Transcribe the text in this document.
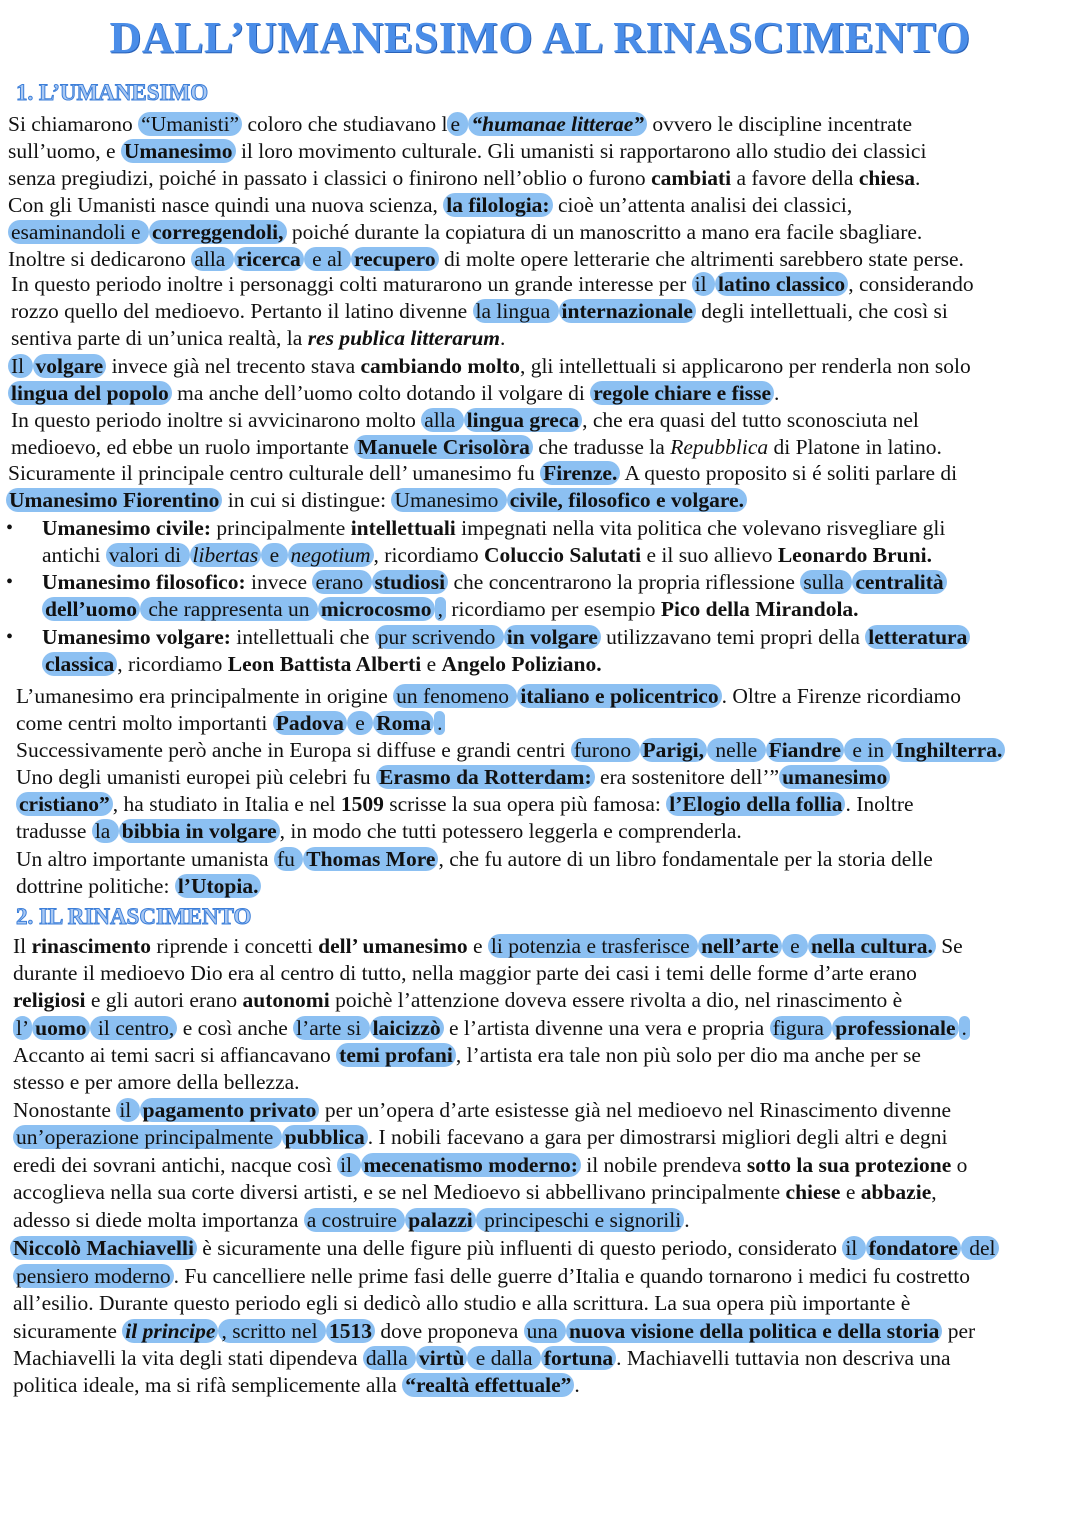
DALL’UMANESIMO AL RINASCIMENTO
1. L’UMANESIMO
2. IL RINASCIMENTO
Si chiamarono “Umanisti” coloro che studiavano l e “humanae litterae” ovvero le discipline incentrate
sull’uomo, e Umanesimo il loro movimento culturale. Gli umanisti si rapportarono allo studio dei classici
senza pregiudizi, poiché in passato i classici o finirono nell’oblio o furono cambiati a favore della chiesa.
Con gli Umanisti nasce quindi una nuova scienza, la filologia: cioè un’attenta analisi dei classici,
esaminandoli e correggendoli, poiché durante la copiatura di un manoscritto a mano era facile sbagliare.
Inoltre si dedicarono alla ricerca e al recupero di molte opere letterarie che altrimenti sarebbero state perse.
In questo periodo inoltre i personaggi colti maturarono un grande interesse per il latino classico , considerando
rozzo quello del medioevo. Pertanto il latino divenne la lingua internazionale degli intellettuali, che così si
sentiva parte di un’unica realtà, la res publica litterarum.
Il volgare invece già nel trecento stava cambiando molto, gli intellettuali si applicarono per renderla non solo
lingua del popolo ma anche dell’uomo colto dotando il volgare di regole chiare e fisse .
In questo periodo inoltre si avvicinarono molto alla lingua greca , che era quasi del tutto sconosciuta nel
medioevo, ed ebbe un ruolo importante Manuele Crisolòra che tradusse la Repubblica di Platone in latino.
Sicuramente il principale centro culturale dell’ umanesimo fu Firenze. A questo proposito si é soliti parlare di
Umanesimo Fiorentino in cui si distingue: Umanesimo civile, filosofico e volgare.
• Umanesimo civile: principalmente intellettuali impegnati nella vita politica che volevano risvegliare gli
antichi valori di libertas e negotium , ricordiamo Coluccio Salutati e il suo allievo Leonardo Bruni.
• Umanesimo filosofico: invece erano studiosi che concentrarono la propria riflessione sulla centralità
dell’uomo che rappresenta un microcosmo , ricordiamo per esempio Pico della Mirandola.
• Umanesimo volgare: intellettuali che pur scrivendo in volgare utilizzavano temi propri della letteratura
classica , ricordiamo Leon Battista Alberti e Angelo Poliziano.
L’umanesimo era principalmente in origine un fenomeno italiano e policentrico . Oltre a Firenze ricordiamo
come centri molto importanti Padova e Roma .
Successivamente però anche in Europa si diffuse e grandi centri furono Parigi, nelle Fiandre e in Inghilterra.
Uno degli umanisti europei più celebri fu Erasmo da Rotterdam: era sostenitore dell’” umanesimo
cristiano” , ha studiato in Italia e nel 1509 scrisse la sua opera più famosa: l’Elogio della follia . Inoltre
tradusse la bibbia in volgare , in modo che tutti potessero leggerla e comprenderla.
Un altro importante umanista fu Thomas More , che fu autore di un libro fondamentale per la storia delle
dottrine politiche: l’Utopia.
Il rinascimento riprende i concetti dell’ umanesimo e li potenzia e trasferisce nell’arte e nella cultura. Se
durante il medioevo Dio era al centro di tutto, nella maggior parte dei casi i temi delle forme d’arte erano
religiosi e gli autori erano autonomi poichè l’attenzione doveva essere rivolta a dio, nel rinascimento è
l’ uomo il centro, e così anche l’arte si laicizzò e l’artista divenne una vera e propria figura professionale .
Accanto ai temi sacri si affiancavano temi profani , l’artista era tale non più solo per dio ma anche per se
stesso e per amore della bellezza.
Nonostante il pagamento privato per un’opera d’arte esistesse già nel medioevo nel Rinascimento divenne
un’operazione principalmente pubblica . I nobili facevano a gara per dimostrarsi migliori degli altri e degni
eredi dei sovrani antichi, nacque così il mecenatismo moderno: il nobile prendeva sotto la sua protezione o
accoglieva nella sua corte diversi artisti, e se nel Medioevo si abbellivano principalmente chiese e abbazie,
adesso si diede molta importanza a costruire palazzi principeschi e signorili .
Niccolò Machiavelli è sicuramente una delle figure più influenti di questo periodo, considerato il fondatore del
pensiero moderno . Fu cancelliere nelle prime fasi delle guerre d’Italia e quando tornarono i medici fu costretto
all’esilio. Durante questo periodo egli si dedicò allo studio e alla scrittura. La sua opera più importante è
sicuramente il principe , scritto nel 1513 dove proponeva una nuova visione della politica e della storia per
Machiavelli la vita degli stati dipendeva dalla virtù e dalla fortuna . Machiavelli tuttavia non descriva una
politica ideale, ma si rifà semplicemente alla “realtà effettuale” .
